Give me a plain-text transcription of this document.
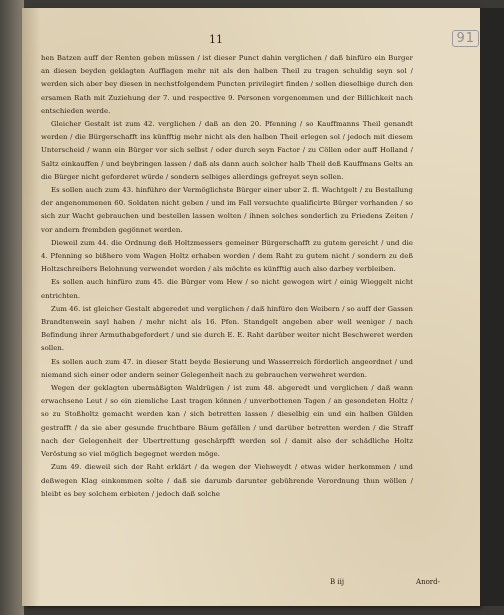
11	91

hen Batzen auff der Renten geben müssen / ist dieser Punct dahin verglichen / daß hinfüro ein Burger an diesen beyden geklagten Aufflagen mehr nit als den halben Theil zu tragen schuldig seyn sol / werden sich aber bey diesen in nechstfolgendem Puncten privilegirt finden / sollen dieselbige durch den ersamen Rath mit Zuziehung der 7. und respective 9. Personen vorgenommen und der Billichkeit nach entschieden werde.

Gleicher Gestalt ist zum 42. verglichen / daß an den 20. Pfenning / so Kauffmanns Theil genandt werden / die Bürgerschafft ins künfftig mehr nicht als den halben Theil erlegen sol / jedoch mit diesem Unterscheid / wann ein Bürger vor sich selbst / oder durch seyn Factor / zu Cöllen oder auff Holland / Saltz einkauffen / und beybringen lassen / daß als dann auch solcher halb Theil deß Kauffmans Gelts an die Bürger nicht geforderet würde / sondern selbiges allerdings gefreyet seyn sollen.

Es sollen auch zum 43. hinführo der Vermöglichste Bürger einer uber 2. fl. Wachtgelt / zu Bestallung der angenommenen 60. Soldaten nicht geben / und im Fall versuchte qualificirte Bürger vorhanden / so sich zur Wacht gebrauchen und bestellen lassen wolten / ihnen solches sonderlich zu Friedens Zeiten / vor andern frembden gegönnet werden.

Dieweil zum 44. die Ordnung deß Holtzmessers gemeiner Bürgerschafft zu gutem gereicht / und die 4. Pfenning so bißhero vom Wagen Holtz erhaben worden / dem Raht zu gutem nicht / sondern zu deß Holtzschreibers Belohnung verwendet worden / als möchte es künfftig auch also darbey verbleiben.

Es sollen auch hinfüro zum 45. die Bürger vom Hew / so nicht gewogen wirt / einig Wieggelt nicht entrichten.

Zum 46. ist gleicher Gestalt abgeredet und verglichen / daß hinfüro den Weibern / so auff der Gassen Brandtenwein sayl haben / mehr nicht als 16. Pfen. Standgelt angeben aber well weniger / nach Befindung ihrer Armuthabgefordert / und sie durch E. E. Raht darüber weiter nicht Beschweret werden sollen.

Es sollen auch zum 47. in dieser Statt beyde Besierung und Wasserreich förderlich angeordnet / und niemand sich einer oder andern seiner Gelegenheit nach zu gebrauchen verwehret werden.

Wegen der geklagten ubermäßigten Waldrügen / ist zum 48. abgeredt und verglichen / daß wann erwachsene Leut / so ein ziemliche Last tragen können / unverbottenen Tagen / an gesondeten Holtz / so zu Stoßholtz gemacht werden kan / sich betretten lassen / dieselbig ein und ein halben Gülden gestrafft / da sie aber gesunde fruchtbare Bäum gefällen / und darüber betretten werden / die Straff nach der Gelegenheit der Ubertrettung geschärpfft werden sol / damit also der schädliche Holtz Veröstung so viel möglich begegnet werden möge.

Zum 49. dieweil sich der Raht erklärt / da wegen der Viehweydt / etwas wider herkommen / und deßwegen Klag einkommen solte / daß sie darumb darunter gebührende Verordnung thun wöllen / bleibt es bey solchem erbieten / jedoch daß solche

B iij	Anord-
